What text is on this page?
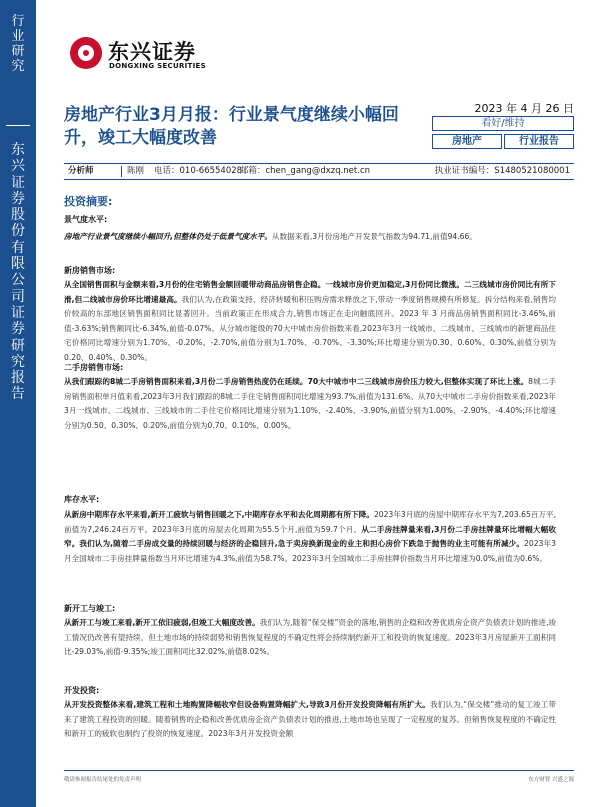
行业研究
东兴证券股份有限公司证券研究报告
东兴证券
DONGXING SECURITIES
房地产行业3月月报：行业景气度继续小幅回升，竣工大幅度改善
2023 年 4 月 26 日
看好/维持
房地产	行业报告
分析师	陈刚 电话：010-66554028
邮箱：chen_gang@dxzq.net.cn	执业证书编号：S1480521080001
投资摘要:
景气度水平:
房地产行业景气度继续小幅回升,但整体仍处于低景气度水平。从数据来看,3月份房地产开发景气指数为94.71,前值94.66。
新房销售市场:
从全国销售面积与金额来看,3月份的住宅销售金额回暖带动商品房销售企稳。一线城市房价更加稳定,3月份同比微涨。二三线城市房价同比有所下滑,但二线城市房价环比增速最高。我们认为,在政策支持、经济转暖和积压购房需求释放之下,带动一季度销售规模有所修复。拆分结构来看,销售均价较高的东部地区销售面积同比显著回升。当前政策正在形成合力,销售市场正在走向触底回升。2023 年 3 月商品房销售面积同比-3.46%,前值-3.63%;销售额同比-6.34%,前值-0.07%。从分城市能级的70大中城市房价指数来看,2023年3月一线城市、二线城市、三线城市的新建商品住宅价格同比增速分别为1.70%、-0.20%、-2.70%,前值分别为1.70%、-0.70%、-3.30%;环比增速分别为0.30、0.60%、0.30%,前值分别为0.20、0.40%、0.30%。
二手房销售市场:
从我们跟踪的8城二手房销售面积来看,3月份二手房销售热度仍在延续。70大中城市中二三线城市房价压力较大,但整体实现了环比上涨。8城二手房销售面积单月值来看,2023年3月我们跟踪的8城二手住宅销售面积同比增速为93.7%,前值为131.6%。从70大中城市二手房价指数来看,2023年3月一线城市、二线城市、三线城市的二手住宅价格同比增速分别为1.10%、-2.40%、-3.90%,前值分别为1.00%、-2.90%、-4.40%;环比增速分别为0.50、0.30%、0.20%,前值分别为0.70、0.10%、0.00%。
库存水平:
从新房中期库存水平来看,新开工疲软与销售回暖之下,中期库存水平和去化周期都有所下降。2023年3月底的房屋中期库存水平为7,203.65百万平,前值为7,246.24百万平。2023年3月底的房屋去化周期为55.5个月,前值为59.7个月。从二手房挂牌量来看,3月份二手房挂牌量环比增幅大幅收窄。我们认为,随着二手房成交量的持续回暖与经济的企稳回升,急于卖房换新现金的业主和担心房价下跌急于抛售的业主可能有所减少。2023年3月全国城市二手房挂牌量指数当月环比增速为4.3%,前值为58.7%。2023年3月全国城市二手房挂牌价指数当月环比增速为0.0%,前值为0.6%。
新开工与竣工:
从新开工与竣工来看,新开工依旧疲弱,但竣工大幅度改善。我们认为,随着“保交楼”资金的落地,销售的企稳和改善优质房企资产负债表计划的推进,竣工情况仍改善有望持续。但土地市场的持续弱势和销售恢复程度的不确定性将会持续制约新开工和投资的恢复速度。2023年3月房屋新开工面积同比-29.03%,前值-9.35%;竣工面积同比32.02%,前值8.02%。
开发投资:
从开发投资整体来看,建筑工程和土地购置降幅收窄但设备购置降幅扩大,导致3月份开发投资降幅有所扩大。我们认为,“保交楼”推动的复工竣工带来了建筑工程投资的回暖。随着销售的企稳和改善优质房企资产负债表计划的推进,土地市场也呈现了一定程度的复苏。但销售恢复程度的不确定性和新开工的疲软也制约了投资的恢复速度。2023年3月开发投资金额
敬请参阅报告结尾处的免责声明	东方财智 兴盛之源
